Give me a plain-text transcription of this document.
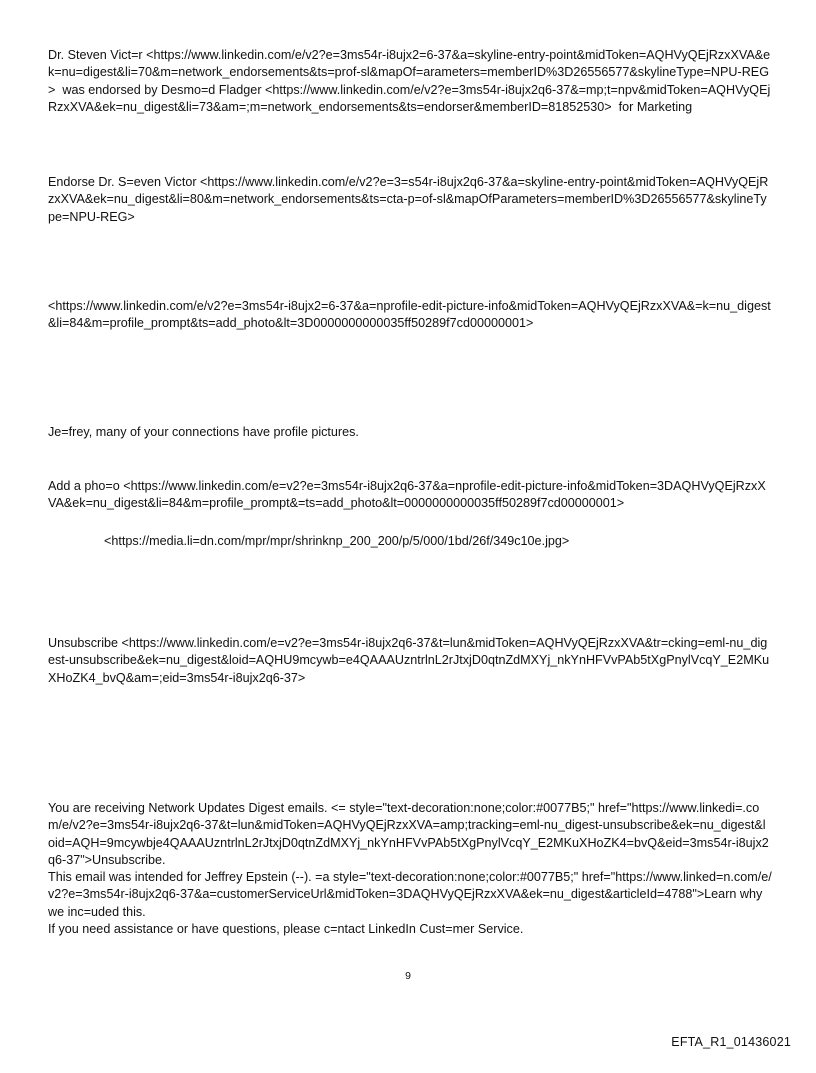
Dr. Steven Vict=r <https://www.linkedin.com/e/v2?e=3ms54r-i8ujx2=6-37&a=skyline-entry-point&midToken=AQHVyQEjRzxXVA&ek=nu=digest&li=70&m=network_endorsements&ts=prof-sl&mapOf=arameters=memberID%3D26556577&skylineType=NPU-REG>  was endorsed by Desmo=d Fladger <https://www.linkedin.com/e/v2?e=3ms54r-i8ujx2q6-37&=mp;t=npv&midToken=AQHVyQEjRzxXVA&ek=nu_digest&li=73&am=;m=network_endorsements&ts=endorser&memberID=81852530>  for Marketing
Endorse Dr. S=even Victor <https://www.linkedin.com/e/v2?e=3=s54r-i8ujx2q6-37&a=skyline-entry-point&midToken=AQHVyQEjRzxXVA&ek=nu_digest&li=80&m=network_endorsements&ts=cta-p=of-sl&mapOfParameters=memberID%3D26556577&skylineType=NPU-REG>
<https://www.linkedin.com/e/v2?e=3ms54r-i8ujx2=6-37&a=nprofile-edit-picture-info&midToken=AQHVyQEjRzxXVA&=k=nu_digest&li=84&m=profile_prompt&ts=add_photo&lt=3D0000000000035ff50289f7cd00000001>
Je=frey, many of your connections have profile pictures.
Add a pho=o <https://www.linkedin.com/e=v2?e=3ms54r-i8ujx2q6-37&a=nprofile-edit-picture-info&midToken=3DAQHVyQEjRzxXVA&ek=nu_digest&li=84&m=profile_prompt&=ts=add_photo&lt=0000000000035ff50289f7cd00000001>
<https://media.li=dn.com/mpr/mpr/shrinknp_200_200/p/5/000/1bd/26f/349c10e.jpg>
Unsubscribe <https://www.linkedin.com/e=v2?e=3ms54r-i8ujx2q6-37&t=lun&midToken=AQHVyQEjRzxXVA&tr=cking=eml-nu_digest-unsubscribe&ek=nu_digest&loid=AQHU9mcywb=e4QAAAUzntrlnL2rJtxjD0qtnZdMXYj_nkYnHFVvPAb5tXgPnylVcqY_E2MKuXHoZK4_bvQ&am=;eid=3ms54r-i8ujx2q6-37>
You are receiving Network Updates Digest emails. <= style="text-decoration:none;color:#0077B5;" href="https://www.linkedi=.com/e/v2?e=3ms54r-i8ujx2q6-37&t=lun&midToken=AQHVyQEjRzxXVA=amp;tracking=eml-nu_digest-unsubscribe&ek=nu_digest&loid=AQH=9mcywbje4QAAAUzntrlnL2rJtxjD0qtnZdMXYj_nkYnHFVvPAb5tXgPnylVcqY_E2MKuXHoZK4=bvQ&eid=3ms54r-i8ujx2q6-37">Unsubscribe.
This email was intended for Jeffrey Epstein (--). =a style="text-decoration:none;color:#0077B5;" href="https://www.linked=n.com/e/v2?e=3ms54r-i8ujx2q6-37&a=customerServiceUrl&midToken=3DAQHVyQEjRzxXVA&ek=nu_digest&articleId=4788">Learn why we inc=uded this.
If you need assistance or have questions, please c=ntact LinkedIn Cust=mer Service.
9
EFTA_R1_01436021
